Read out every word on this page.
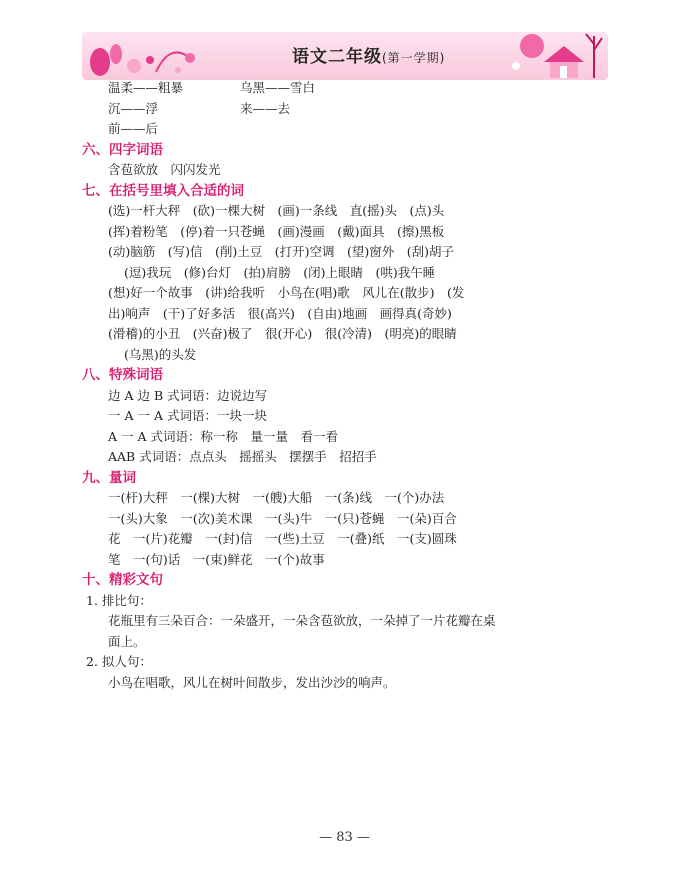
语文二年级(第一学期)
温柔——粗暴	乌黑——雪白
沉——浮	来——去
前——后
六、四字词语
含苞欲放　闪闪发光
七、在括号里填入合适的词
(选)一杆大秤　(砍)一棵大树　(画)一条线　直(摇)头　(点)头
(挥)着粉笔　(停)着一只苍蝇　(画)漫画　(戴)面具　(擦)黑板
(动)脑筋　(写)信　(削)土豆　(打开)空调　(望)窗外　(刮)胡子
(逗)我玩　(修)台灯　(拍)肩膀　(闭)上眼睛　(哄)我午睡
(想)好一个故事　(讲)给我听　小鸟在(唱)歌　风儿在(散步)　(发
出)响声　(干)了好多活　很(高兴)　(自由)地画　画得真(奇妙)
(滑稽)的小丑　(兴奋)极了　很(开心)　很(冷清)　(明亮)的眼睛
(乌黑)的头发
八、特殊词语
边 A 边 B 式词语：边说边写
一 A 一 A 式词语：一块一块
A 一 A 式词语：称一称　量一量　看一看
AAB 式词语：点点头　摇摇头　摆摆手　招招手
九、量词
一(杆)大秤　一(棵)大树　一(艘)大船　一(条)线　一(个)办法
一(头)大象　一(次)美术课　一(头)牛　一(只)苍蝇　一(朵)百合
花　一(片)花瓣　一(封)信　一(些)土豆　一(叠)纸　一(支)圆珠
笔　一(句)话　一(束)鲜花　一(个)故事
十、精彩文句
1. 排比句：
花瓶里有三朵百合：一朵盛开，一朵含苞欲放，一朵掉了一片花瓣在桌
面上。
2. 拟人句：
小鸟在唱歌，风儿在树叶间散步，发出沙沙的响声。
— 83 —
